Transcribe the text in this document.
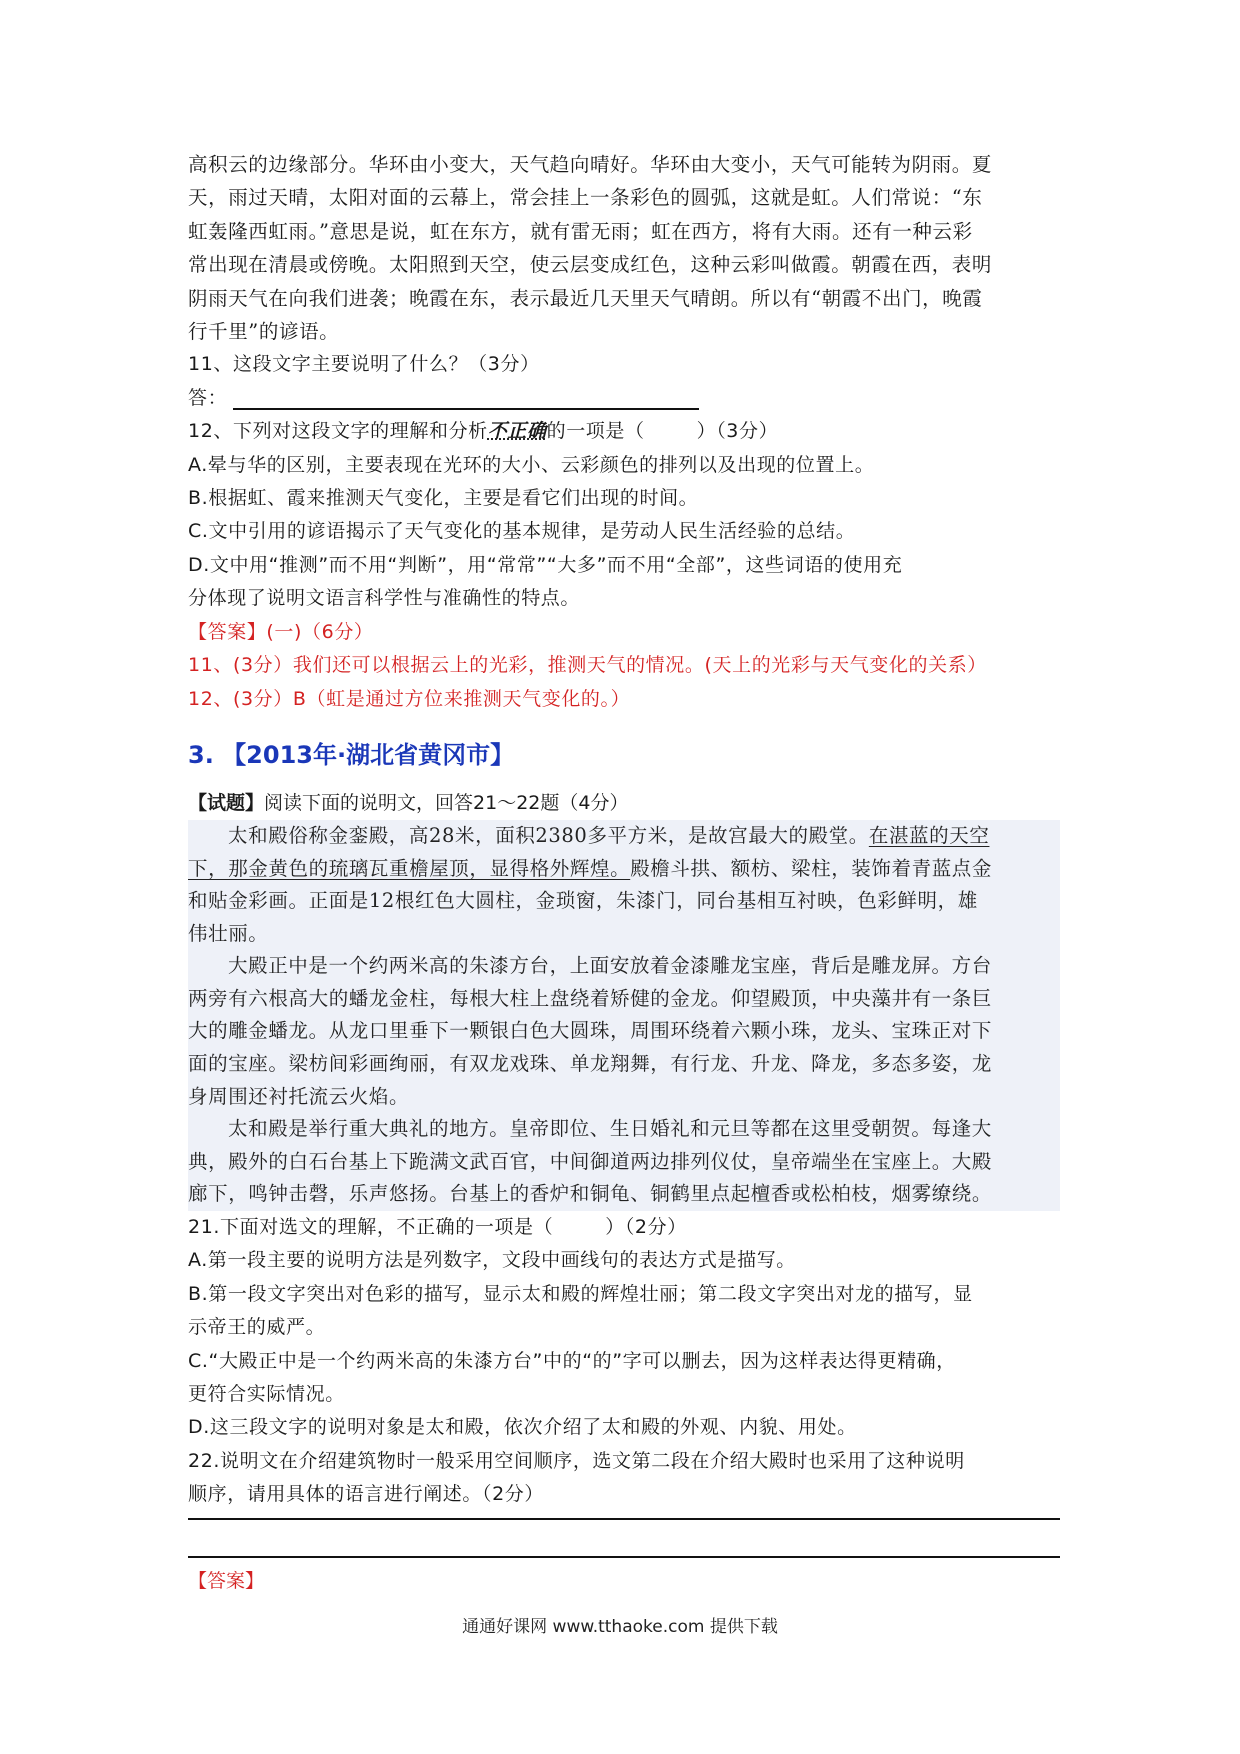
高积云的边缘部分。华环由小变大，天气趋向晴好。华环由大变小，天气可能转为阴雨。夏
天，雨过天晴，太阳对面的云幕上，常会挂上一条彩色的圆弧，这就是虹。人们常说：“东
虹轰隆西虹雨。”意思是说，虹在东方，就有雷无雨；虹在西方，将有大雨。还有一种云彩
常出现在清晨或傍晚。太阳照到天空，使云层变成红色，这种云彩叫做霞。朝霞在西，表明
阴雨天气在向我们进袭；晚霞在东，表示最近几天里天气晴朗。所以有“朝霞不出门，晚霞
行千里”的谚语。
11、这段文字主要说明了什么？（3分）
答：
12、下列对这段文字的理解和分析不正确的一项是（	）（3分）
A.晕与华的区别，主要表现在光环的大小、云彩颜色的排列以及出现的位置上。
B.根据虹、霞来推测天气变化，主要是看它们出现的时间。
C.文中引用的谚语揭示了天气变化的基本规律，是劳动人民生活经验的总结。
D.文中用“推测”而不用“判断”，用“常常”“大多”而不用“全部”，这些词语的使用充
分体现了说明文语言科学性与准确性的特点。
【答案】(一)（6分）
11、(3分）我们还可以根据云上的光彩，推测天气的情况。(天上的光彩与天气变化的关系）
12、(3分）B（虹是通过方位来推测天气变化的。）
3. 【2013年·湖北省黄冈市】
【试题】阅读下面的说明文，回答21～22题（4分）
太和殿俗称金銮殿，高28米，面积2380多平方米，是故宫最大的殿堂。在湛蓝的天空
下，那金黄色的琉璃瓦重檐屋顶，显得格外辉煌。殿檐斗拱、额枋、梁柱，装饰着青蓝点金
和贴金彩画。正面是12根红色大圆柱，金琐窗，朱漆门，同台基相互衬映，色彩鲜明，雄
伟壮丽。
大殿正中是一个约两米高的朱漆方台，上面安放着金漆雕龙宝座，背后是雕龙屏。方台
两旁有六根高大的蟠龙金柱，每根大柱上盘绕着矫健的金龙。仰望殿顶，中央藻井有一条巨
大的雕金蟠龙。从龙口里垂下一颗银白色大圆珠，周围环绕着六颗小珠，龙头、宝珠正对下
面的宝座。梁枋间彩画绚丽，有双龙戏珠、单龙翔舞，有行龙、升龙、降龙，多态多姿，龙
身周围还衬托流云火焰。
太和殿是举行重大典礼的地方。皇帝即位、生日婚礼和元旦等都在这里受朝贺。每逢大
典，殿外的白石台基上下跪满文武百官，中间御道两边排列仪仗，皇帝端坐在宝座上。大殿
廊下，鸣钟击磬，乐声悠扬。台基上的香炉和铜龟、铜鹤里点起檀香或松柏枝，烟雾缭绕。
21.下面对选文的理解，不正确的一项是（	）（2分）
A.第一段主要的说明方法是列数字，文段中画线句的表达方式是描写。
B.第一段文字突出对色彩的描写，显示太和殿的辉煌壮丽；第二段文字突出对龙的描写，显
示帝王的威严。
C.“大殿正中是一个约两米高的朱漆方台”中的“的”字可以删去，因为这样表达得更精确，
更符合实际情况。
D.这三段文字的说明对象是太和殿，依次介绍了太和殿的外观、内貌、用处。
22.说明文在介绍建筑物时一般采用空间顺序，选文第二段在介绍大殿时也采用了这种说明
顺序，请用具体的语言进行阐述。（2分）
【答案】
通通好课网 www.tthaoke.com 提供下载
